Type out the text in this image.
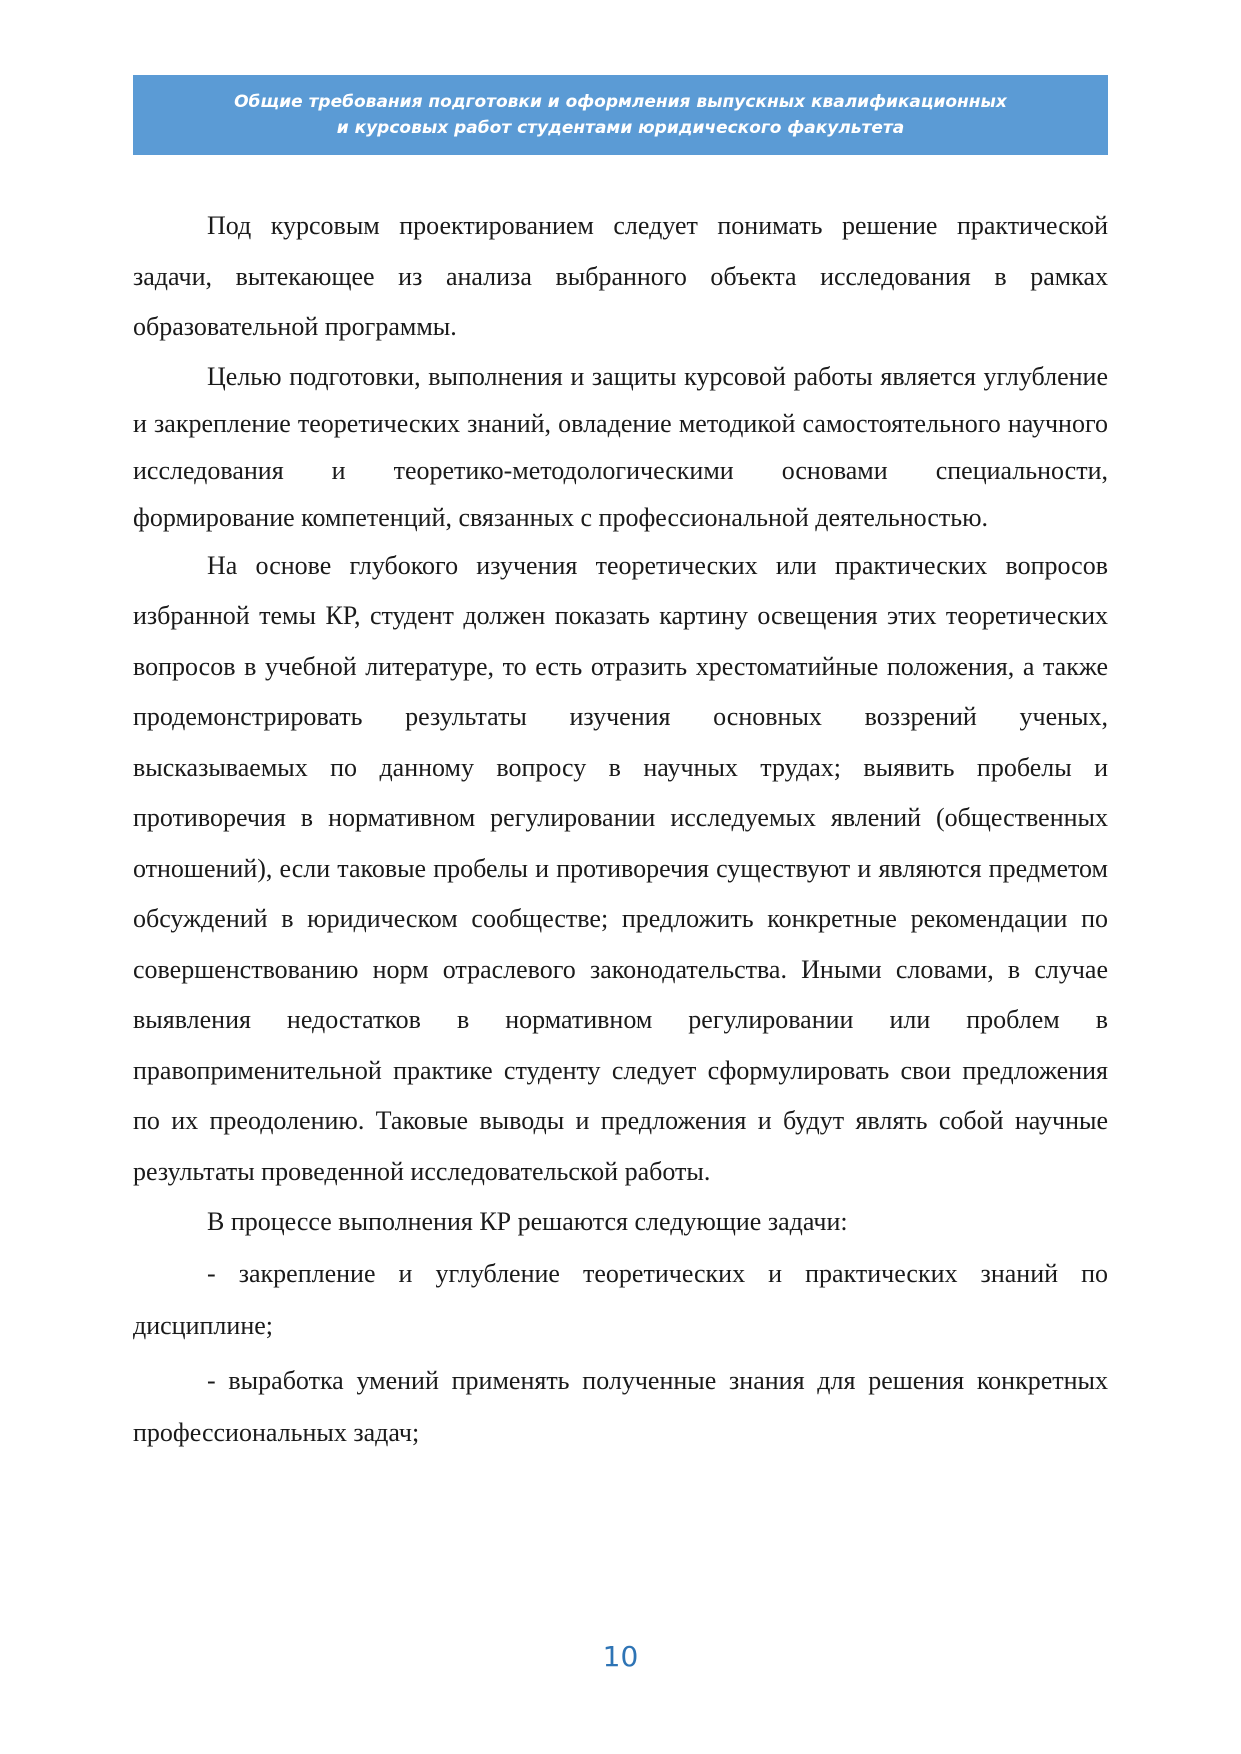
Общие требования подготовки и оформления выпускных квалификационных
и курсовых работ студентами юридического факультета

Под курсовым проектированием следует понимать решение практической задачи, вытекающее из анализа выбранного объекта исследования в рамках образовательной программы.

Целью подготовки, выполнения и защиты курсовой работы является углубление и закрепление теоретических знаний, овладение методикой самостоятельного научного исследования и теоретико-методологическими основами специальности, формирование компетенций, связанных с профессиональной деятельностью.

На основе глубокого изучения теоретических или практических вопросов избранной темы КР, студент должен показать картину освещения этих теоретических вопросов в учебной литературе, то есть отразить хрестоматийные положения, а также продемонстрировать результаты изучения основных воззрений ученых, высказываемых по данному вопросу в научных трудах; выявить пробелы и противоречия в нормативном регулировании исследуемых явлений (общественных отношений), если таковые пробелы и противоречия существуют и являются предметом обсуждений в юридическом сообществе; предложить конкретные рекомендации по совершенствованию норм отраслевого законодательства. Иными словами, в случае выявления недостатков в нормативном регулировании или проблем в правоприменительной практике студенту следует сформулировать свои предложения по их преодолению. Таковые выводы и предложения и будут являть собой научные результаты проведенной исследовательской работы.

В процессе выполнения КР решаются следующие задачи:

- закрепление и углубление теоретических и практических знаний по дисциплине;

- выработка умений применять полученные знания для решения конкретных профессиональных задач;

10
